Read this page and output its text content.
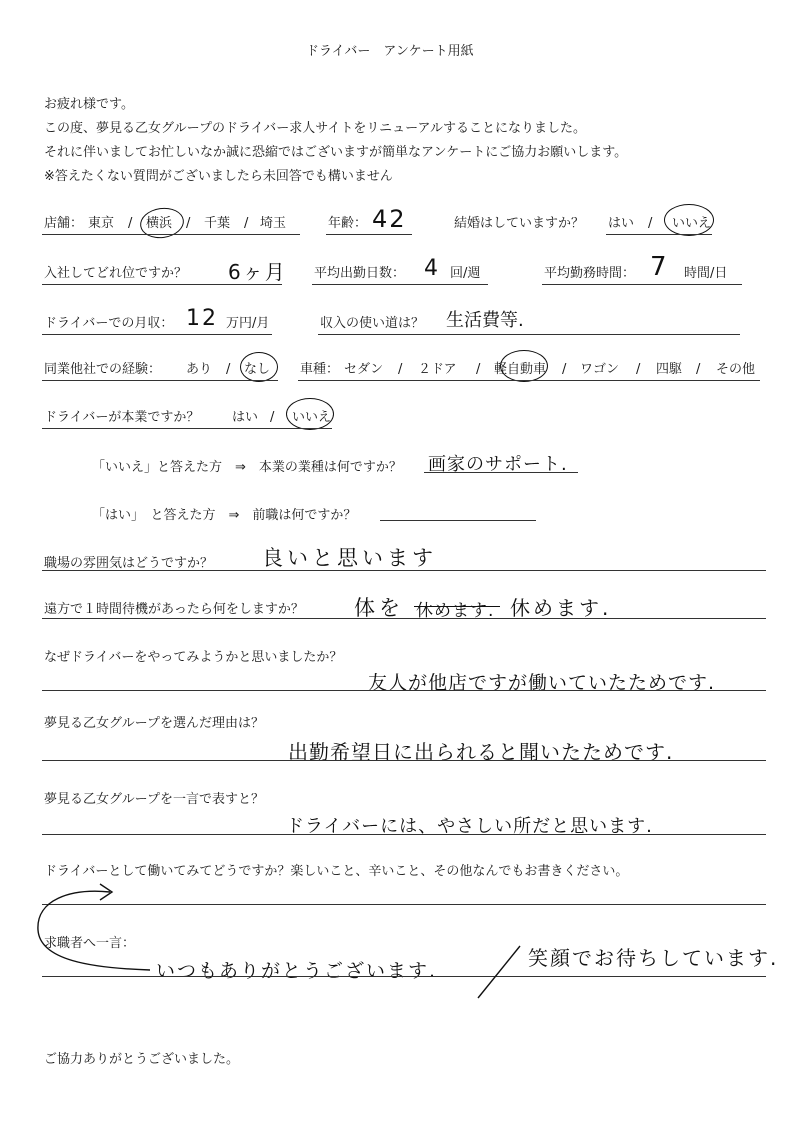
ドライバー　アンケート用紙
お疲れ様です。
この度、夢見る乙女グループのドライバー求人サイトをリニューアルすることになりました。
それに伴いましてお忙しいなか誠に恐縮ではございますが簡単なアンケートにご協力お願いします。
※答えたくない質問がございましたら未回答でも構いません
店舗： 東京 / 横浜 / 千葉 / 埼玉	年齢： 42	結婚はしていますか？ はい / いいえ
入社してどれ位ですか？ 6ヶ月 平均出勤日数： 4 回/週	平均勤務時間： 7 時間/日
ドライバーでの月収： 12 万円/月	収入の使い道は？ 生活費等.
同業他社での経験： あり / なし 車種： セダン / ２ドア / 軽自動車 / ワゴン / 四駆 / その他
ドライバーが本業ですか？	はい / いいえ
「いいえ」と答えた方　⇒　本業の業種は何ですか？ 画家のサポート.
「はい」　と答えた方　⇒　前職は何ですか？
職場の雰囲気はどうですか？ 良いと思います
遠方で１時間待機があったら何をしますか？ 体を 休めます. 休めます.
なぜドライバーをやってみようかと思いましたか？
友人が他店ですが働いていたためです.
夢見る乙女グループを選んだ理由は？
出勤希望日に出られると聞いたためです.
夢見る乙女グループを一言で表すと？
ドライバーには、やさしい所だと思います.
ドライバーとして働いてみてどうですか？楽しいこと、辛いこと、その他なんでもお書きください。
求職者へ一言：
いつもありがとうございます.
笑顔でお待ちしています.
ご協力ありがとうございました。
